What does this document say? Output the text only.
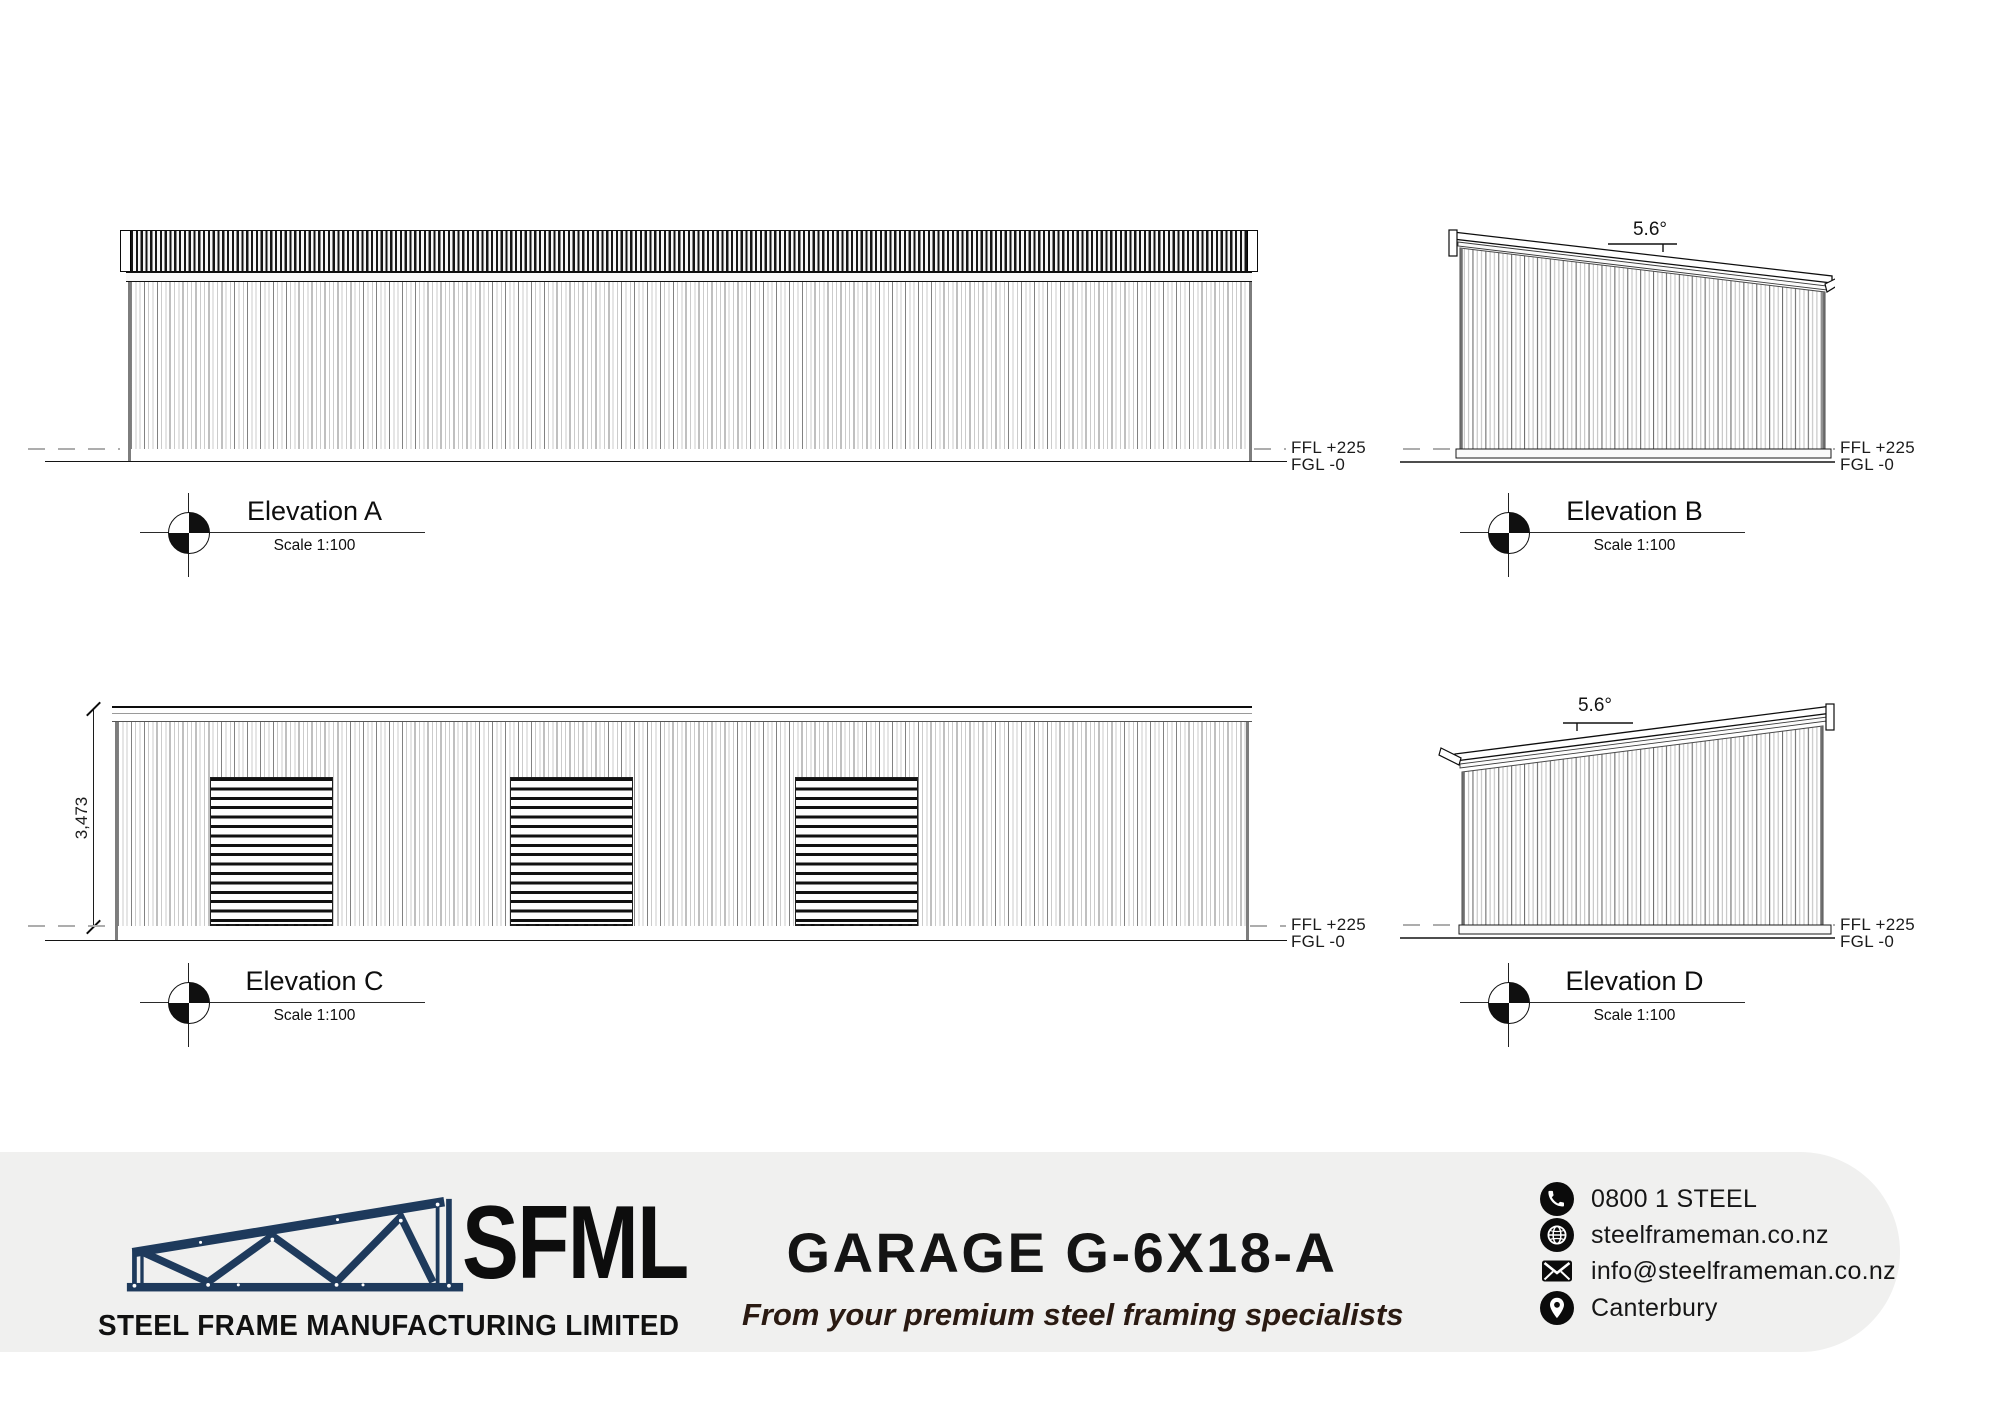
FFL +225
FGL -0
Elevation A
Scale 1:100
5.6°
FFL +225
FGL -0
Elevation B
Scale 1:100
3,473
FFL +225
FGL -0
Elevation C
Scale 1:100
5.6°
FFL +225
FGL -0
Elevation D
Scale 1:100
SFML
STEEL FRAME MANUFACTURING LIMITED
GARAGE G-6X18-A
From your premium steel framing specialists
0800 1 STEEL
steelframeman.co.nz
info@steelframeman.co.nz
Canterbury
